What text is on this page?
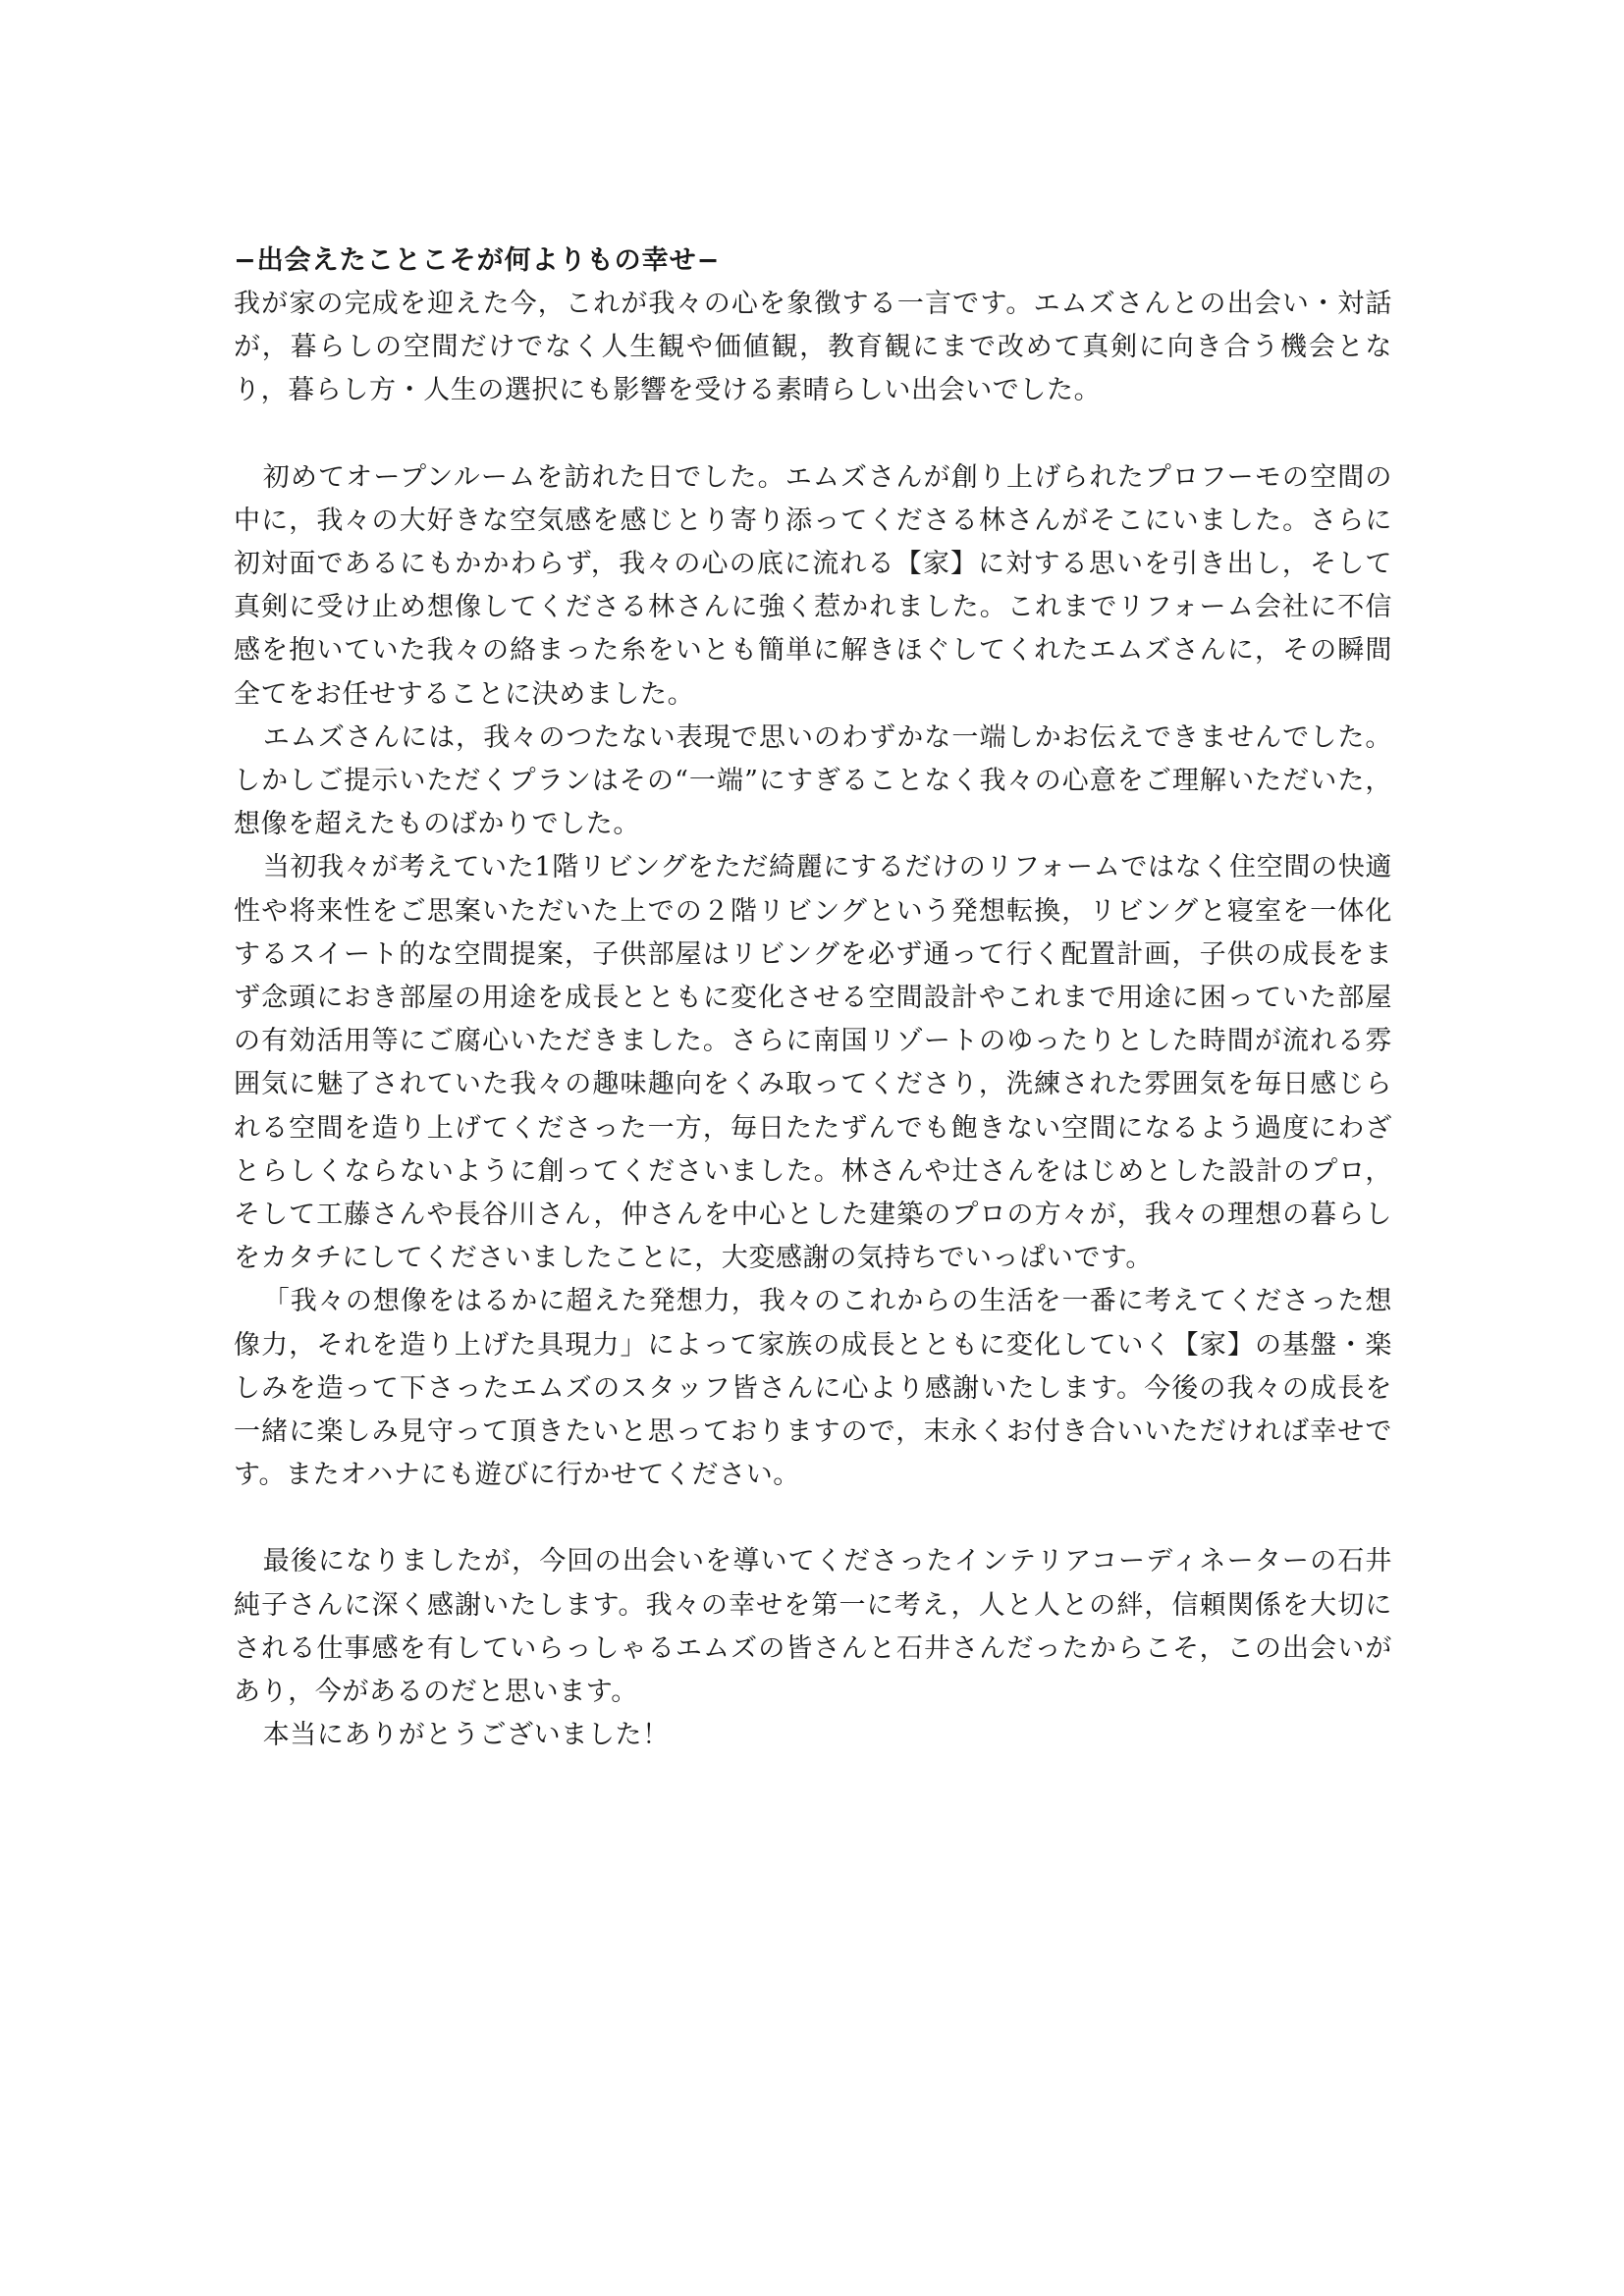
−出会えたことこそが何よりもの幸せ−

我が家の完成を迎えた今，これが我々の心を象徴する一言です。エムズさんとの出会い・対話が，暮らしの空間だけでなく人生観や価値観，教育観にまで改めて真剣に向き合う機会となり，暮らし方・人生の選択にも影響を受ける素晴らしい出会いでした。

初めてオープンルームを訪れた日でした。エムズさんが創り上げられたプロフーモの空間の中に，我々の大好きな空気感を感じとり寄り添ってくださる林さんがそこにいました。さらに初対面であるにもかかわらず，我々の心の底に流れる【家】に対する思いを引き出し，そして真剣に受け止め想像してくださる林さんに強く惹かれました。これまでリフォーム会社に不信感を抱いていた我々の絡まった糸をいとも簡単に解きほぐしてくれたエムズさんに，その瞬間全てをお任せすることに決めました。

エムズさんには，我々のつたない表現で思いのわずかな一端しかお伝えできませんでした。しかしご提示いただくプランはその“一端”にすぎることなく我々の心意をご理解いただいた，想像を超えたものばかりでした。

当初我々が考えていた1階リビングをただ綺麗にするだけのリフォームではなく住空間の快適性や将来性をご思案いただいた上での２階リビングという発想転換，リビングと寝室を一体化するスイート的な空間提案，子供部屋はリビングを必ず通って行く配置計画，子供の成長をまず念頭におき部屋の用途を成長とともに変化させる空間設計やこれまで用途に困っていた部屋の有効活用等にご腐心いただきました。さらに南国リゾートのゆったりとした時間が流れる雰囲気に魅了されていた我々の趣味趣向をくみ取ってくださり，洗練された雰囲気を毎日感じられる空間を造り上げてくださった一方，毎日たたずんでも飽きない空間になるよう過度にわざとらしくならないように創ってくださいました。林さんや辻さんをはじめとした設計のプロ，そして工藤さんや長谷川さん，仲さんを中心とした建築のプロの方々が，我々の理想の暮らしをカタチにしてくださいましたことに，大変感謝の気持ちでいっぱいです。

「我々の想像をはるかに超えた発想力，我々のこれからの生活を一番に考えてくださった想像力，それを造り上げた具現力」によって家族の成長とともに変化していく【家】の基盤・楽しみを造って下さったエムズのスタッフ皆さんに心より感謝いたします。今後の我々の成長を一緒に楽しみ見守って頂きたいと思っておりますので，末永くお付き合いいただければ幸せです。またオハナにも遊びに行かせてください。

最後になりましたが，今回の出会いを導いてくださったインテリアコーディネーターの石井純子さんに深く感謝いたします。我々の幸せを第一に考え，人と人との絆，信頼関係を大切にされる仕事感を有していらっしゃるエムズの皆さんと石井さんだったからこそ，この出会いがあり，今があるのだと思います。

本当にありがとうございました！
